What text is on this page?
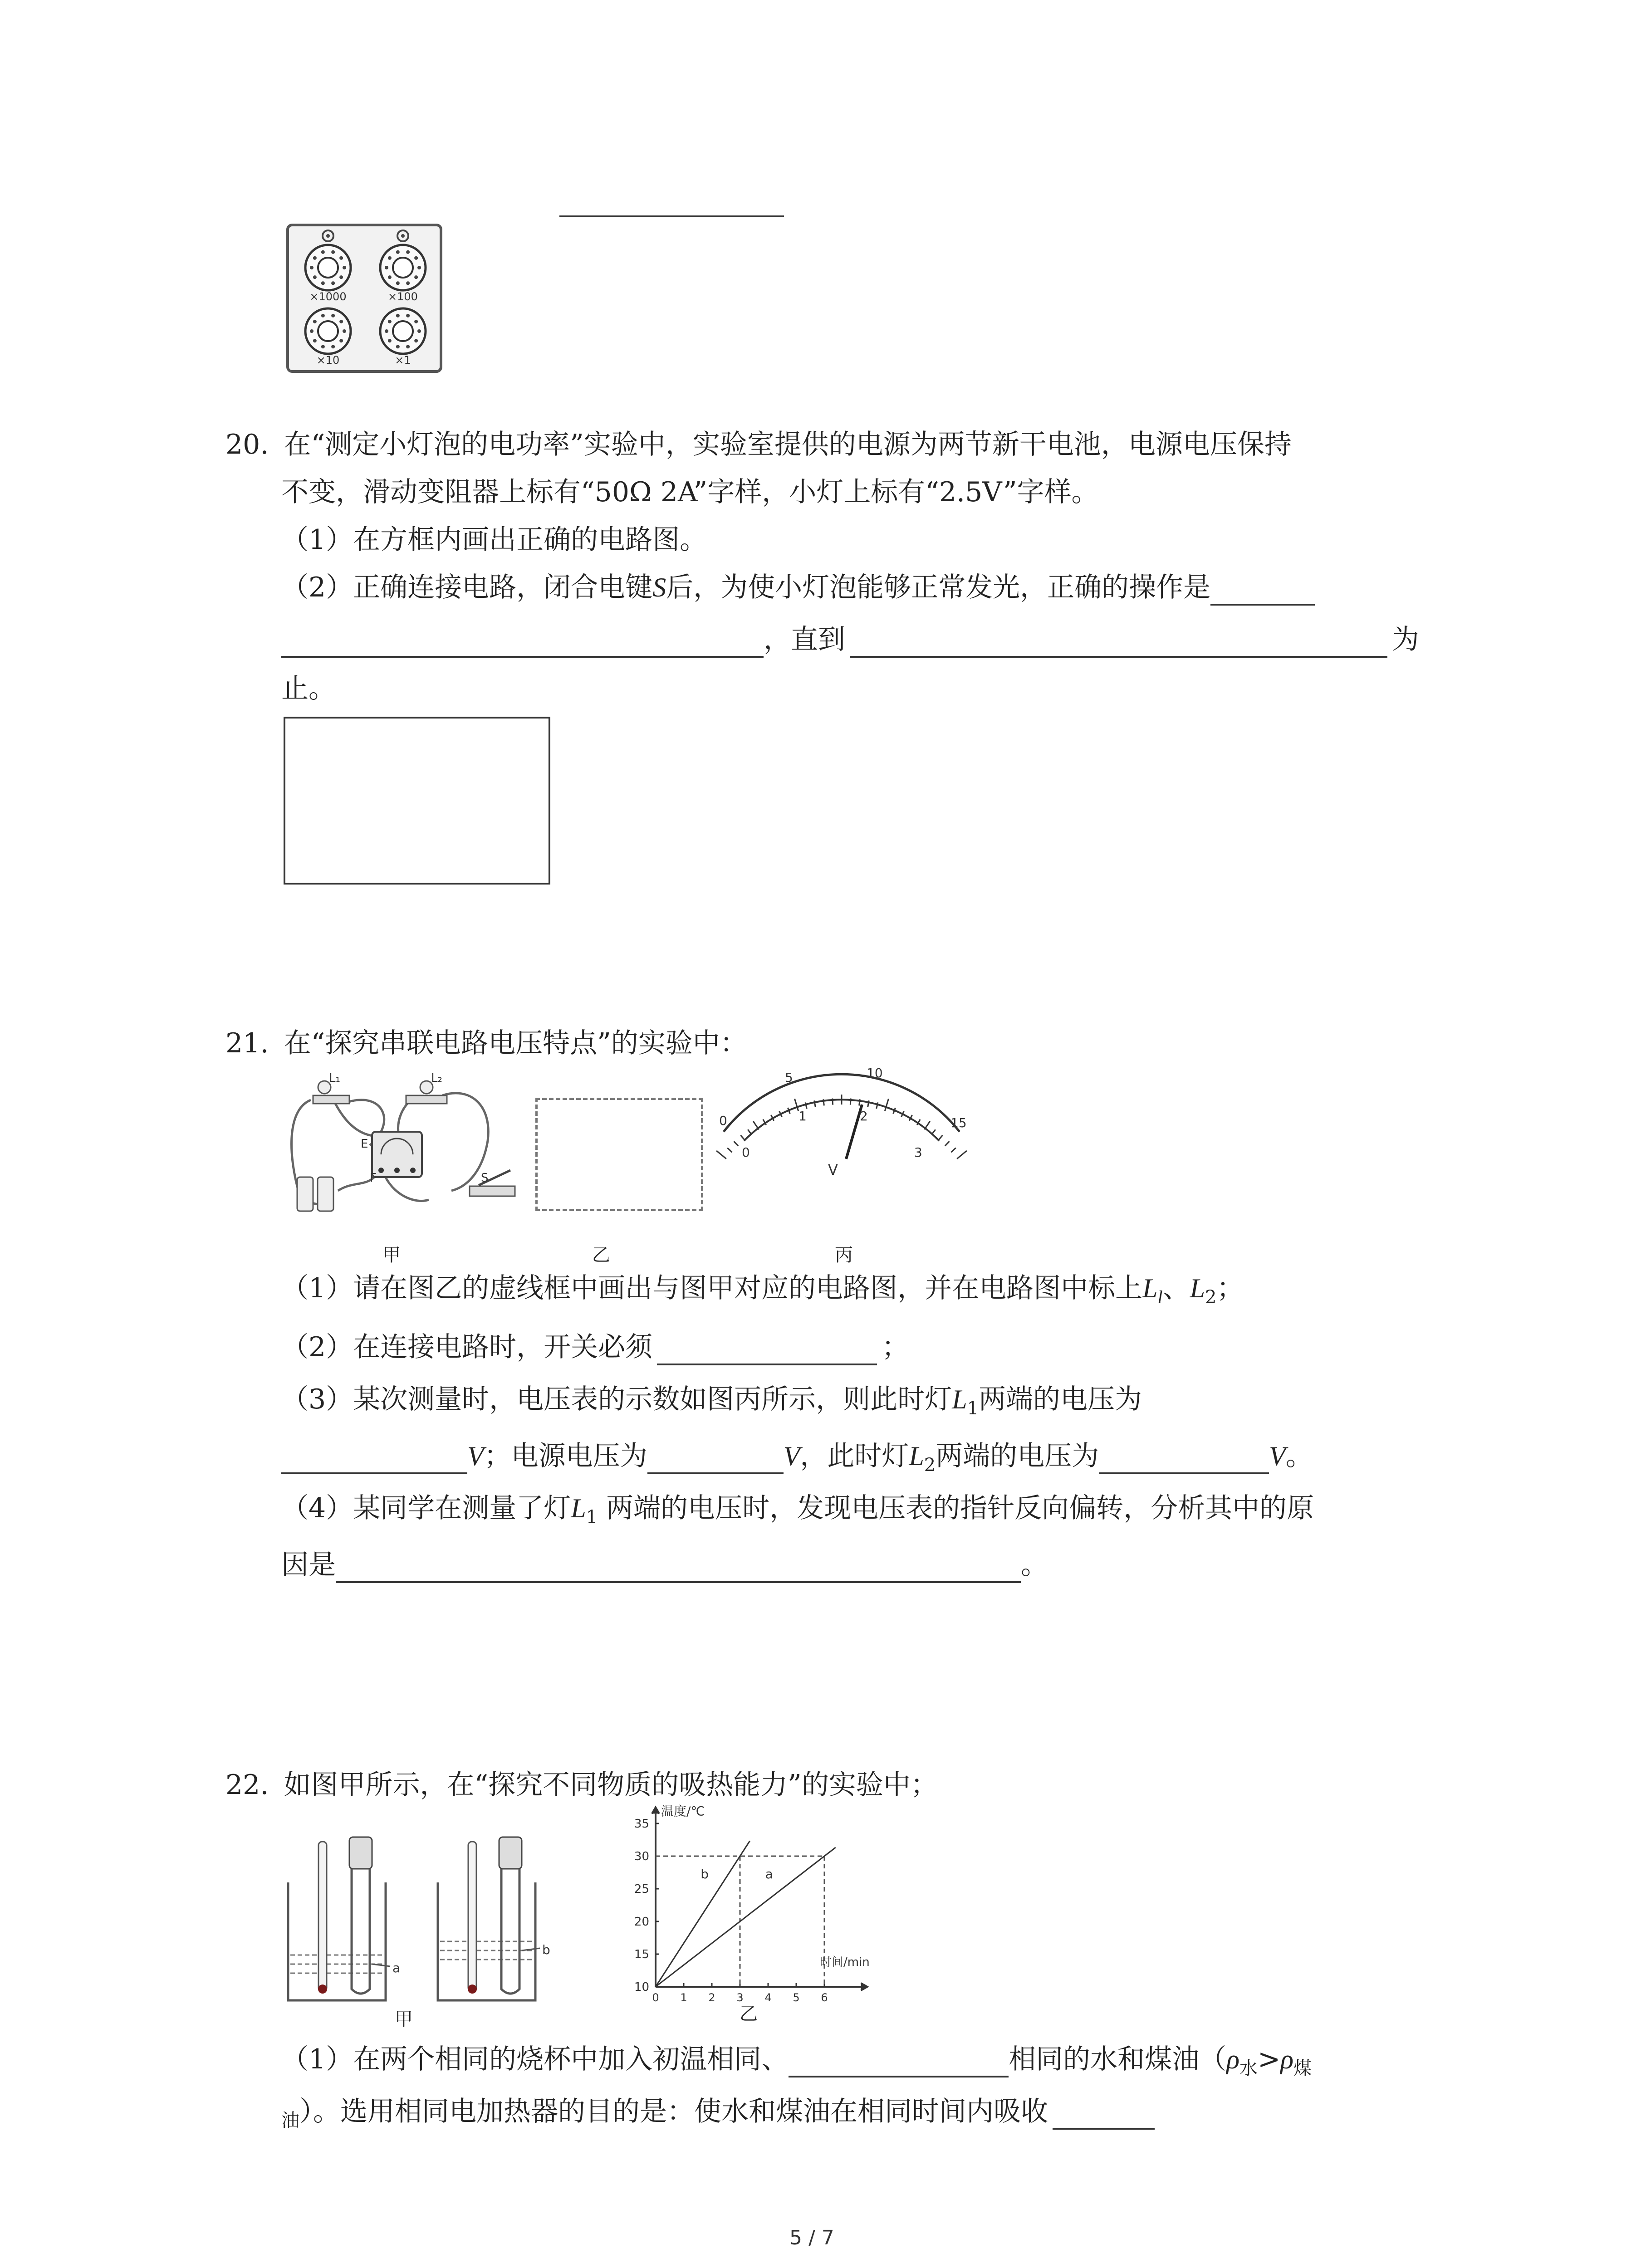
×1000	×100
×10	×1
20. 在“测定小灯泡的电功率”实验中，实验室提供的电源为两节新干电池，电源电压保持
不变，滑动变阻器上标有“50Ω 2A”字样，小灯上标有“2.5V”字样。
（1）在方框内画出正确的电路图。
（2）正确连接电路，闭合电键S后，为使小灯泡能够正常发光，正确的操作是
，直到	为
止。
21. 在“探究串联电路电压特点”的实验中：
L₁	L₂
E
F	S
0
5	10
15
0
1	2
3
V
甲	乙	丙
（1）请在图乙的虚线框中画出与图甲对应的电路图，并在电路图中标上$L_l$、$L_2$；
（2）在连接电路时，开关必须	；
（3）某次测量时，电压表的示数如图丙所示，则此时灯$L_1$两端的电压为
V；电源电压为	V，此时灯$L_2$两端的电压为	V。
（4）某同学在测量了灯$L_1$ 两端的电压时，发现电压表的指针反向偏转，分析其中的原
因是	。
22. 如图甲所示，在“探究不同物质的吸热能力”的实验中；
a
b
甲
0 1 2 3 4 5 6
10
15
20
25
30
35
温度/℃
时间/min
b	a
乙
（1）在两个相同的烧杯中加入初温相同、	相同的水和煤油（$\rho_水>\rho_煤$
$_油$）。选用相同电加热器的目的是：使水和煤油在相同时间内吸收
5 / 7
